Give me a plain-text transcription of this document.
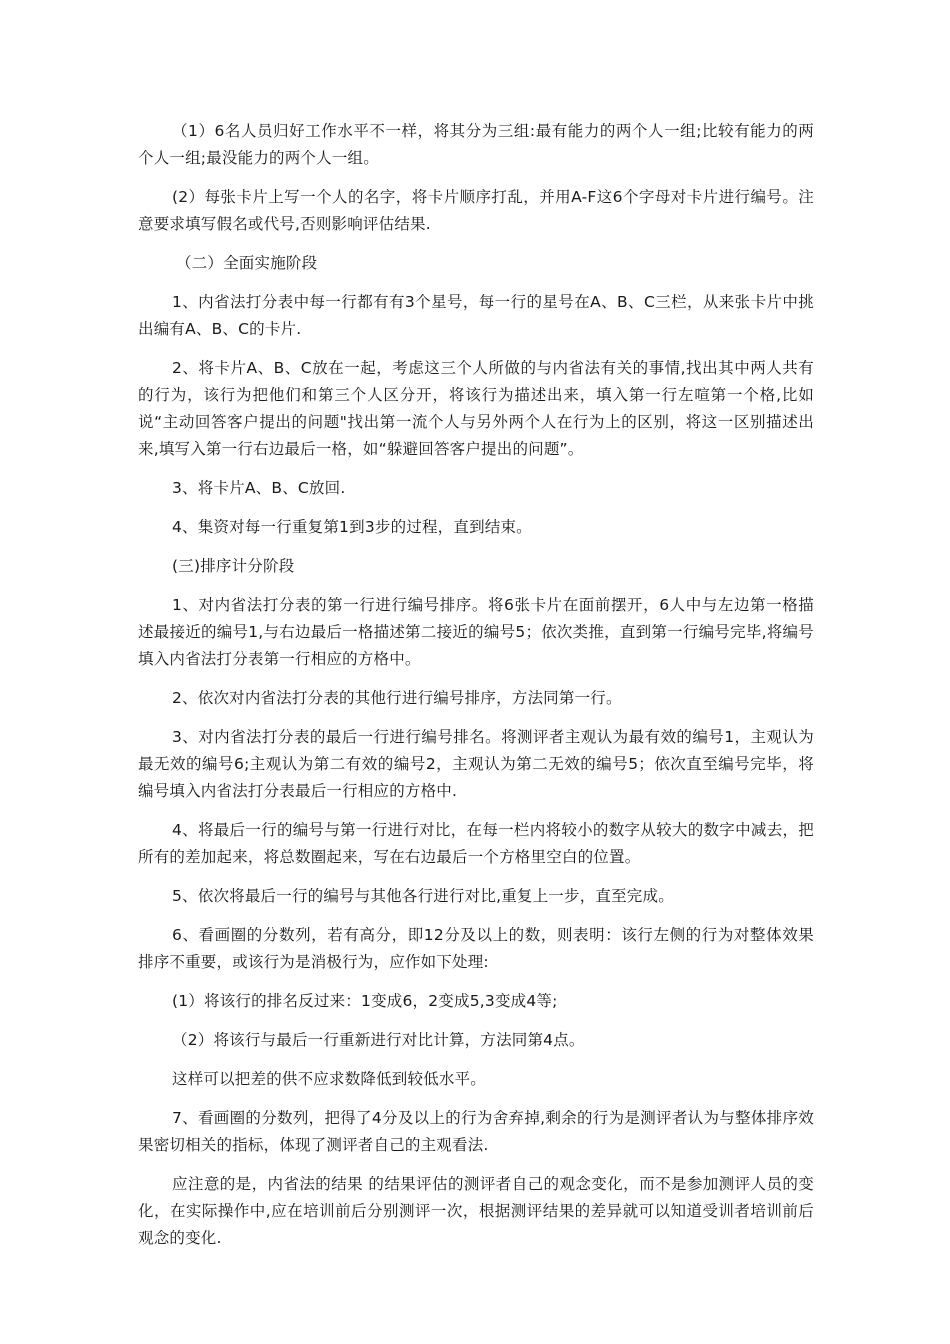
（1）6名人员归好工作水平不一样，将其分为三组:最有能力的两个人一组;比较有能力的两个人一组;最没能力的两个人一组。

(2）每张卡片上写一个人的名字，将卡片顺序打乱，并用A-F这6个字母对卡片进行编号。注意要求填写假名或代号,否则影响评估结果.

（二）全面实施阶段

1、内省法打分表中每一行都有有3个星号，每一行的星号在A、B、C三栏，从来张卡片中挑出编有A、B、C的卡片.

2、将卡片A、B、C放在一起，考虑这三个人所做的与内省法有关的事情,找出其中两人共有的行为，该行为把他们和第三个人区分开，将该行为描述出来，填入第一行左喧第一个格,比如说“主动回答客户提出的问题"找出第一流个人与另外两个人在行为上的区别，将这一区别描述出来,填写入第一行右边最后一格，如“躲避回答客户提出的问题”。

3、将卡片A、B、C放回.

4、集资对每一行重复第1到3步的过程，直到结束。

(三)排序计分阶段

1、对内省法打分表的第一行进行编号排序。将6张卡片在面前摆开，6人中与左边第一格描述最接近的编号1,与右边最后一格描述第二接近的编号5；依次类推，直到第一行编号完毕,将编号填入内省法打分表第一行相应的方格中。

2、依次对内省法打分表的其他行进行编号排序，方法同第一行。

3、对内省法打分表的最后一行进行编号排名。将测评者主观认为最有效的编号1，主观认为最无效的编号6;主观认为第二有效的编号2，主观认为第二无效的编号5；依次直至编号完毕，将编号填入内省法打分表最后一行相应的方格中.

4、将最后一行的编号与第一行进行对比，在每一栏内将较小的数字从较大的数字中减去，把所有的差加起来，将总数圈起来，写在右边最后一个方格里空白的位置。

5、依次将最后一行的编号与其他各行进行对比,重复上一步，直至完成。

6、看画圈的分数列，若有高分，即12分及以上的数，则表明：该行左侧的行为对整体效果排序不重要，或该行为是消极行为，应作如下处理:

(1）将该行的排名反过来：1变成6，2变成5,3变成4等;

（2）将该行与最后一行重新进行对比计算，方法同第4点。

这样可以把差的供不应求数降低到较低水平。

7、看画圈的分数列，把得了4分及以上的行为舍弃掉,剩余的行为是测评者认为与整体排序效果密切相关的指标，体现了测评者自己的主观看法.

应注意的是，内省法的结果 的结果评估的测评者自己的观念变化，而不是参加测评人员的变化，在实际操作中,应在培训前后分别测评一次，根据测评结果的差异就可以知道受训者培训前后观念的变化.
